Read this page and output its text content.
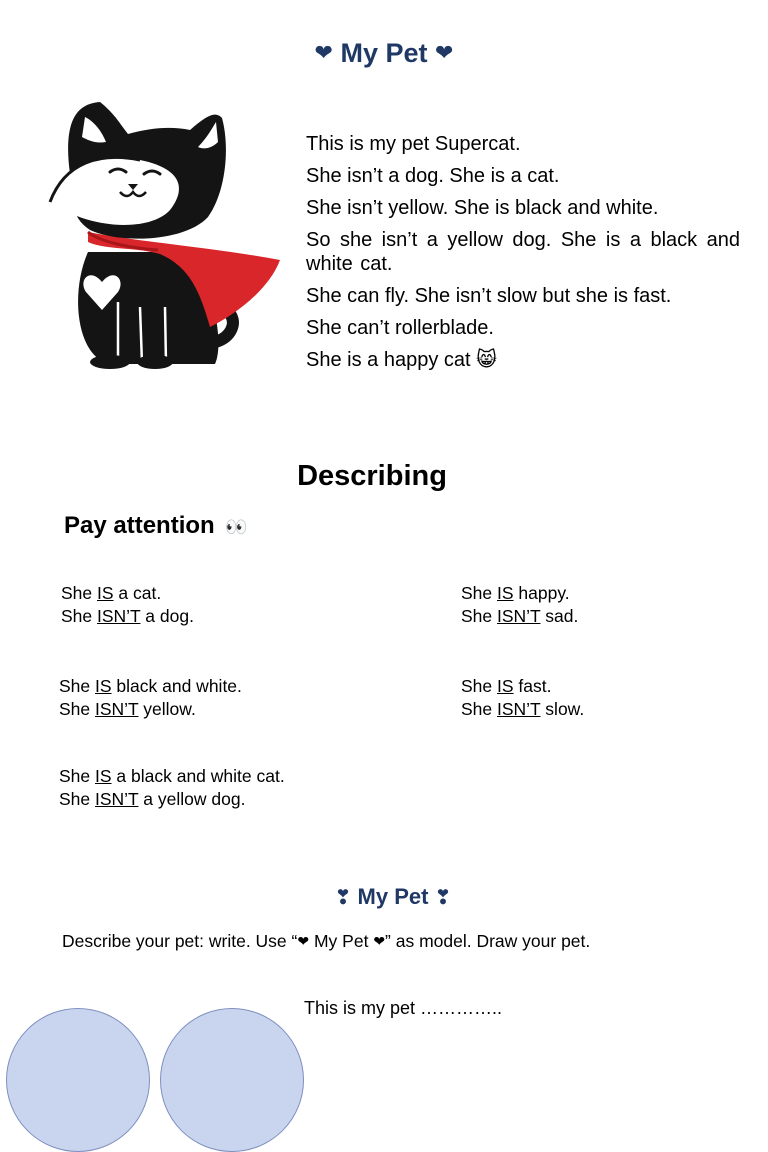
❤ My Pet ❤

This is my pet Supercat.

She isn’t a dog. She is a cat.

She isn’t yellow. She is black and white.

So she isn’t a yellow dog. She is a black and white cat.

She can fly. She isn’t slow but she is fast.

She can’t rollerblade.

She is a happy cat 😸

Describing
Pay attention 👀
She IS a cat.
She ISN’T a dog.
She IS happy.
She ISN’T sad.
She IS black and white.
She ISN’T yellow.
She IS fast.
She ISN’T slow.
She IS a black and white cat.
She ISN’T a yellow dog.
❣ My Pet ❣
Describe your pet: write. Use “❤ My Pet ❤” as model. Draw your pet.
This is my pet …………..
